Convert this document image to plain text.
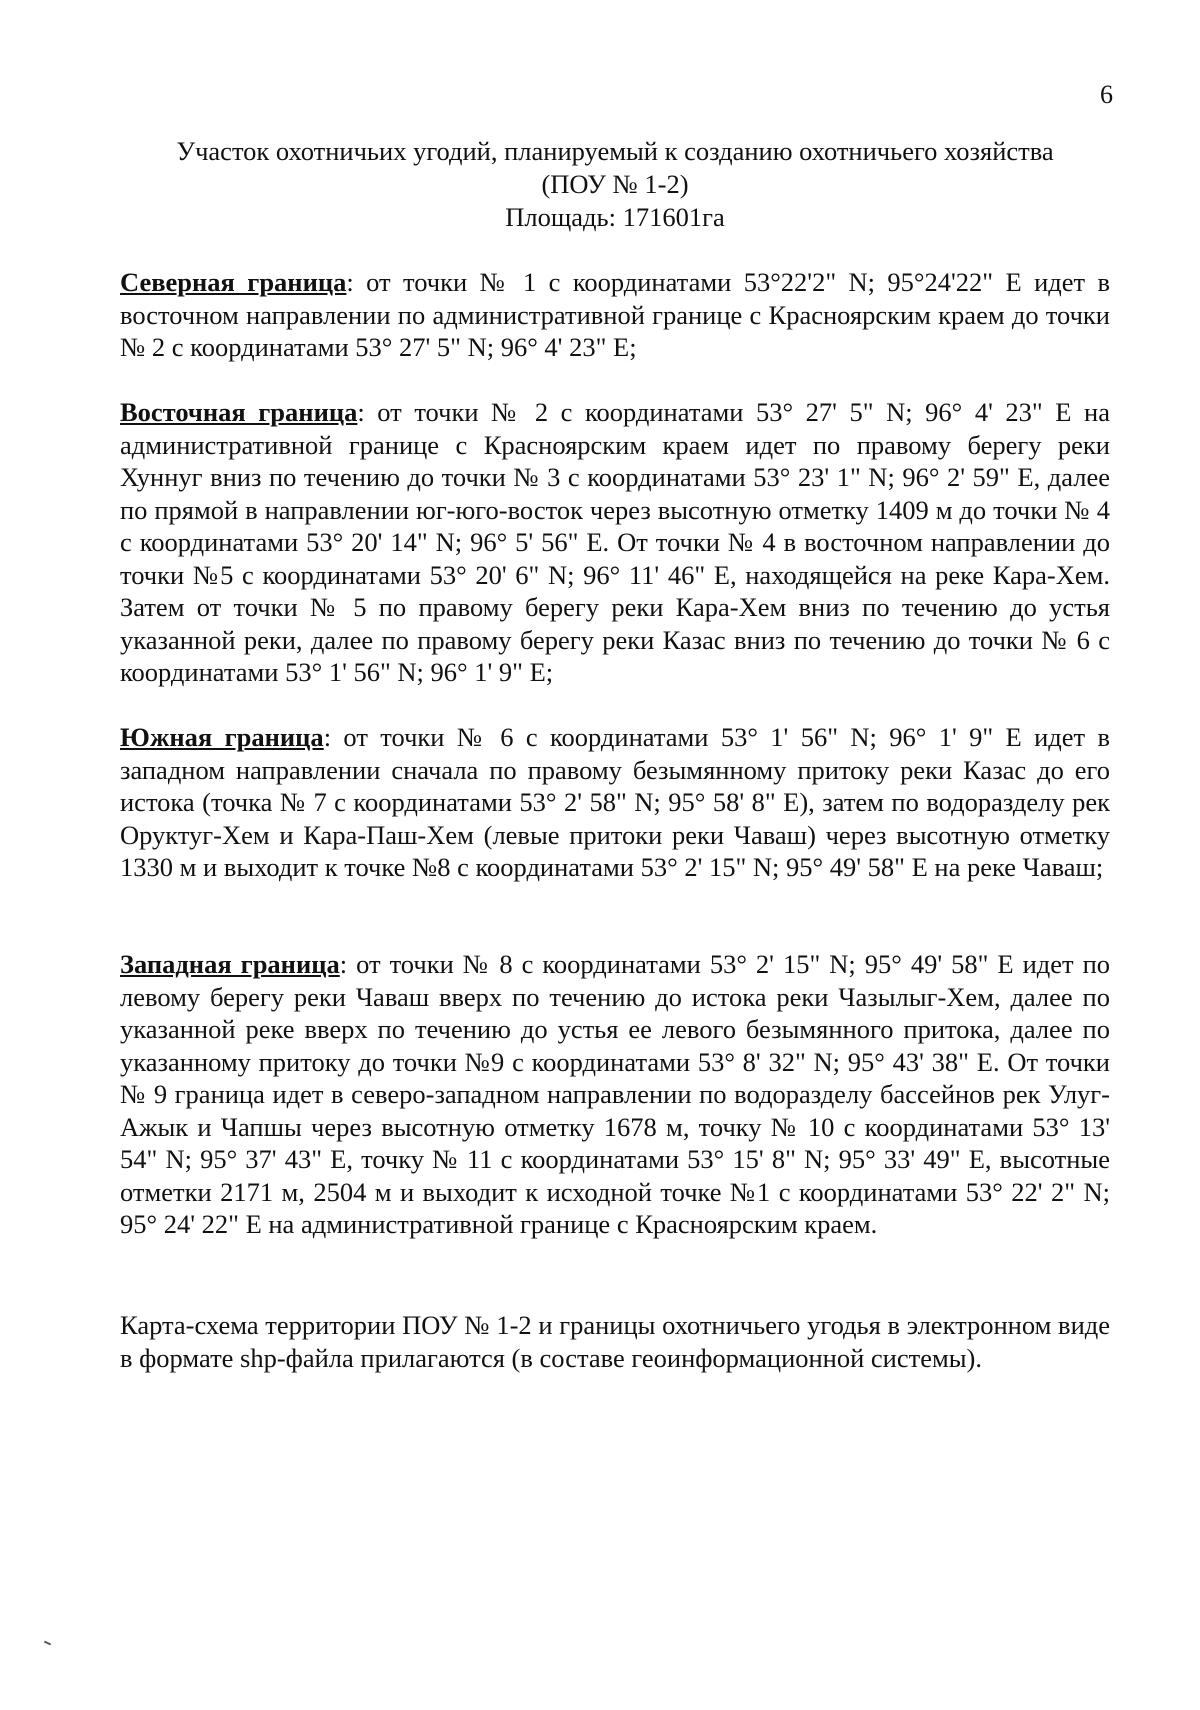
6
Участок охотничьих угодий, планируемый к созданию охотничьего хозяйства
(ПОУ № 1-2)
Площадь: 171601га

Северная граница: от точки № 1 с координатами 53°22'2" N; 95°24'22" E идет в восточном направлении по административной границе с Красноярским краем до точки № 2 с координатами 53° 27' 5" N; 96° 4' 23" E;

Восточная граница: от точки № 2 с координатами 53° 27' 5" N; 96° 4' 23" E на административной границе с Красноярским краем идет по правому берегу реки Хуннуг вниз по течению до точки № 3 с координатами 53° 23' 1" N; 96° 2' 59" E, далее по прямой в направлении юг-юго-восток через высотную отметку 1409 м до точки № 4 с координатами 53° 20' 14" N; 96° 5' 56" E. От точки № 4 в восточном направлении до точки №5 с координатами 53° 20' 6" N; 96° 11' 46" E, находящейся на реке Кара-Хем. Затем от точки № 5 по правому берегу реки Кара-Хем вниз по течению до устья указанной реки, далее по правому берегу реки Казас вниз по течению до точки № 6 с координатами 53° 1' 56" N; 96° 1' 9" E;

Южная граница: от точки № 6 с координатами 53° 1' 56" N; 96° 1' 9" E идет в западном направлении сначала по правому безымянному притоку реки Казас до его истока (точка № 7 с координатами 53° 2' 58" N; 95° 58' 8" E), затем по водоразделу рек Оруктуг-Хем и Кара-Паш-Хем (левые притоки реки Чаваш) через высотную отметку 1330 м и выходит к точке №8 с координатами 53° 2' 15" N; 95° 49' 58" E на реке Чаваш;

Западная граница: от точки № 8 с координатами 53° 2' 15" N; 95° 49' 58" E идет по левому берегу реки Чаваш вверх по течению до истока реки Чазылыг-Хем, далее по указанной реке вверх по течению до устья ее левого безымянного притока, далее по указанному притоку до точки №9 с координатами 53° 8' 32" N; 95° 43' 38" E. От точки № 9 граница идет в северо-западном направлении по водоразделу бассейнов рек Улуг-Ажык и Чапшы через высотную отметку 1678 м, точку № 10 с координатами 53° 13' 54" N; 95° 37' 43" E, точку № 11 с координатами 53° 15' 8" N; 95° 33' 49" E, высотные отметки 2171 м, 2504 м и выходит к исходной точке №1 с координатами 53° 22' 2" N; 95° 24' 22" E на административной границе с Красноярским краем.

Карта-схема территории ПОУ № 1-2 и границы охотничьего угодья в электронном виде в формате shp-файла прилагаются (в составе геоинформационной системы).
